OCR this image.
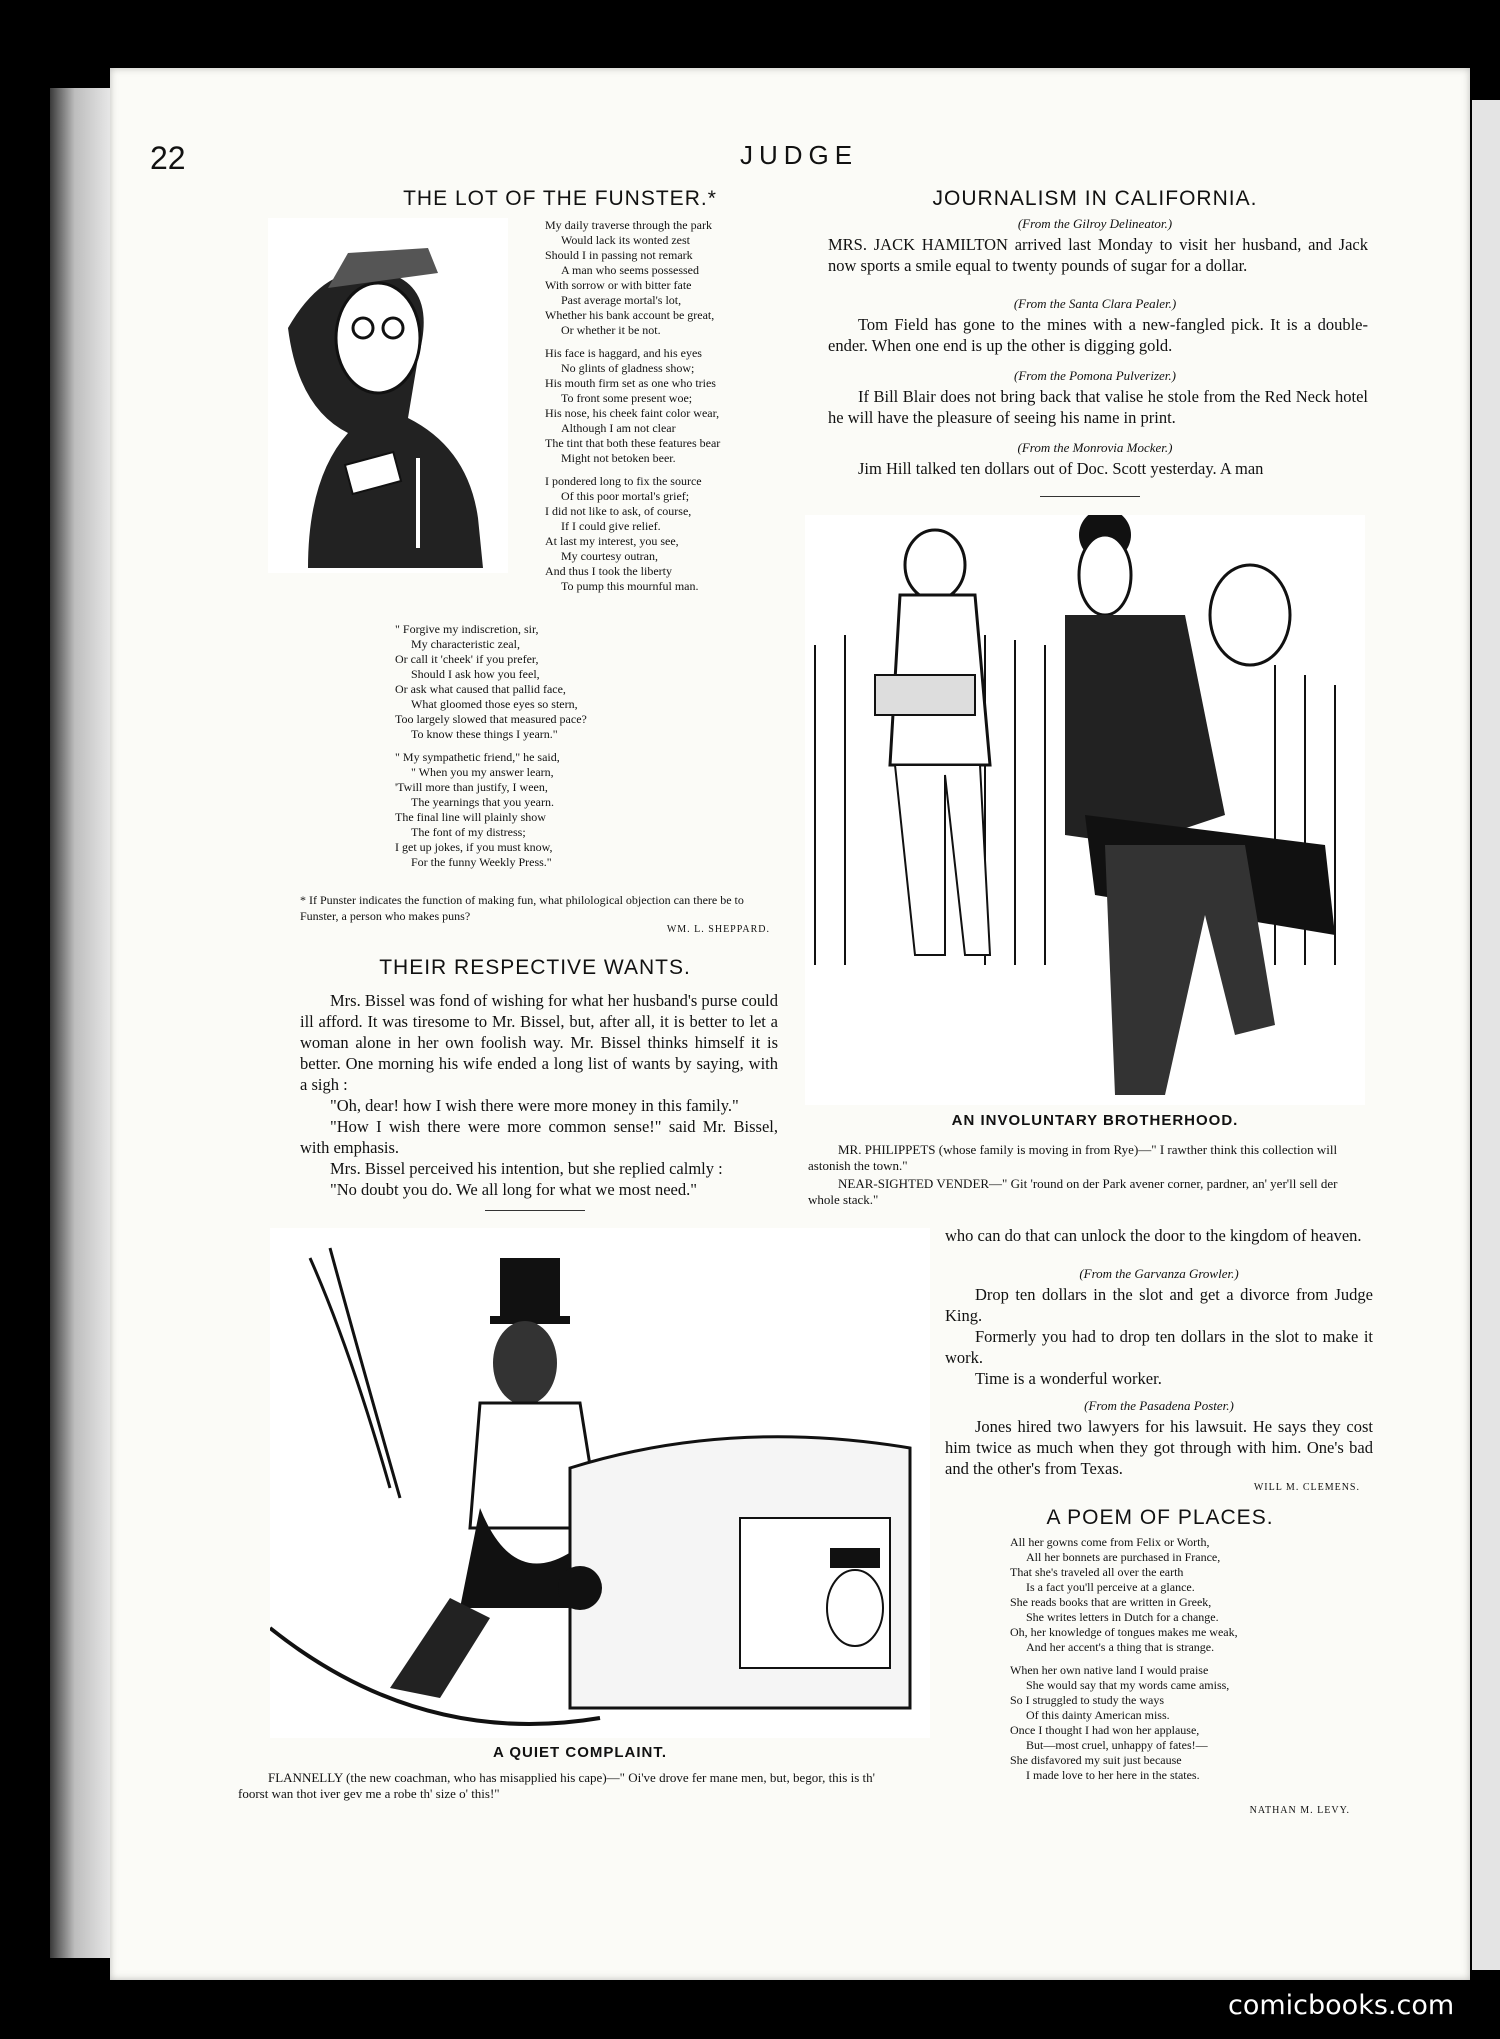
22	JUDGE
THE LOT OF THE FUNSTER.*
My daily traverse through the park
Would lack its wonted zest
Should I in passing not remark
A man who seems possessed
With sorrow or with bitter fate
Past average mortal's lot,
Whether his bank account be great,
Or whether it be not.
His face is haggard, and his eyes
No glints of gladness show;
His mouth firm set as one who tries
To front some present woe;
His nose, his cheek faint color wear,
Although I am not clear
The tint that both these features bear
Might not betoken beer.
I pondered long to fix the source
Of this poor mortal's grief;
I did not like to ask, of course,
If I could give relief.
At last my interest, you see,
My courtesy outran,
And thus I took the liberty
To pump this mournful man.
" Forgive my indiscretion, sir,
My characteristic zeal,
Or call it 'cheek' if you prefer,
Should I ask how you feel,
Or ask what caused that pallid face,
What gloomed those eyes so stern,
Too largely slowed that measured pace?
To know these things I yearn."
" My sympathetic friend," he said,
" When you my answer learn,
'Twill more than justify, I ween,
The yearnings that you yearn.
The final line will plainly show
The font of my distress;
I get up jokes, if you must know,
For the funny Weekly Press."
* If Punster indicates the function of making fun, what philological objection can there be to Funster, a person who makes puns?
WM. L. SHEPPARD.
THEIR RESPECTIVE WANTS.

Mrs. Bissel was fond of wishing for what her husband's purse could ill afford. It was tiresome to Mr. Bissel, but, after all, it is better to let a woman alone in her own foolish way. Mr. Bissel thinks himself it is better. One morning his wife ended a long list of wants by saying, with a sigh :

"Oh, dear! how I wish there were more money in this family."

"How I wish there were more common sense!" said Mr. Bissel, with emphasis.

Mrs. Bissel perceived his intention, but she replied calmly :

"No doubt you do. We all long for what we most need."

A QUIET COMPLAINT.
FLANNELLY (the new coachman, who has misapplied his cape)—" Oi've drove fer mane men, but, begor, this is th' foorst wan thot iver gev me a robe th' size o' this!"
JOURNALISM IN CALIFORNIA.
(From the Gilroy Delineator.)

MRS. JACK HAMILTON arrived last Monday to visit her husband, and Jack now sports a smile equal to twenty pounds of sugar for a dollar.

(From the Santa Clara Pealer.)

Tom Field has gone to the mines with a new-fangled pick. It is a double-ender. When one end is up the other is digging gold.

(From the Pomona Pulverizer.)

If Bill Blair does not bring back that valise he stole from the Red Neck hotel he will have the pleasure of seeing his name in print.

(From the Monrovia Mocker.)

Jim Hill talked ten dollars out of Doc. Scott yesterday. A man

AN INVOLUNTARY BROTHERHOOD.
MR. PHILIPPETS (whose family is moving in from Rye)—" I rawther think this collection will astonish the town."
NEAR-SIGHTED VENDER—" Git 'round on der Park avener corner, pardner, an' yer'll sell der whole stack."

who can do that can unlock the door to the kingdom of heaven.

(From the Garvanza Growler.)

Drop ten dollars in the slot and get a divorce from Judge King.

Formerly you had to drop ten dollars in the slot to make it work.

Time is a wonderful worker.

(From the Pasadena Poster.)

Jones hired two lawyers for his lawsuit. He says they cost him twice as much when they got through with him. One's bad and the other's from Texas.

WILL M. CLEMENS.
A POEM OF PLACES.
All her gowns come from Felix or Worth,
All her bonnets are purchased in France,
That she's traveled all over the earth
Is a fact you'll perceive at a glance.
She reads books that are written in Greek,
She writes letters in Dutch for a change.
Oh, her knowledge of tongues makes me weak,
And her accent's a thing that is strange.
When her own native land I would praise
She would say that my words came amiss,
So I struggled to study the ways
Of this dainty American miss.
Once I thought I had won her applause,
But—most cruel, unhappy of fates!—
She disfavored my suit just because
I made love to her here in the states.
NATHAN M. LEVY.
comicbooks.com
